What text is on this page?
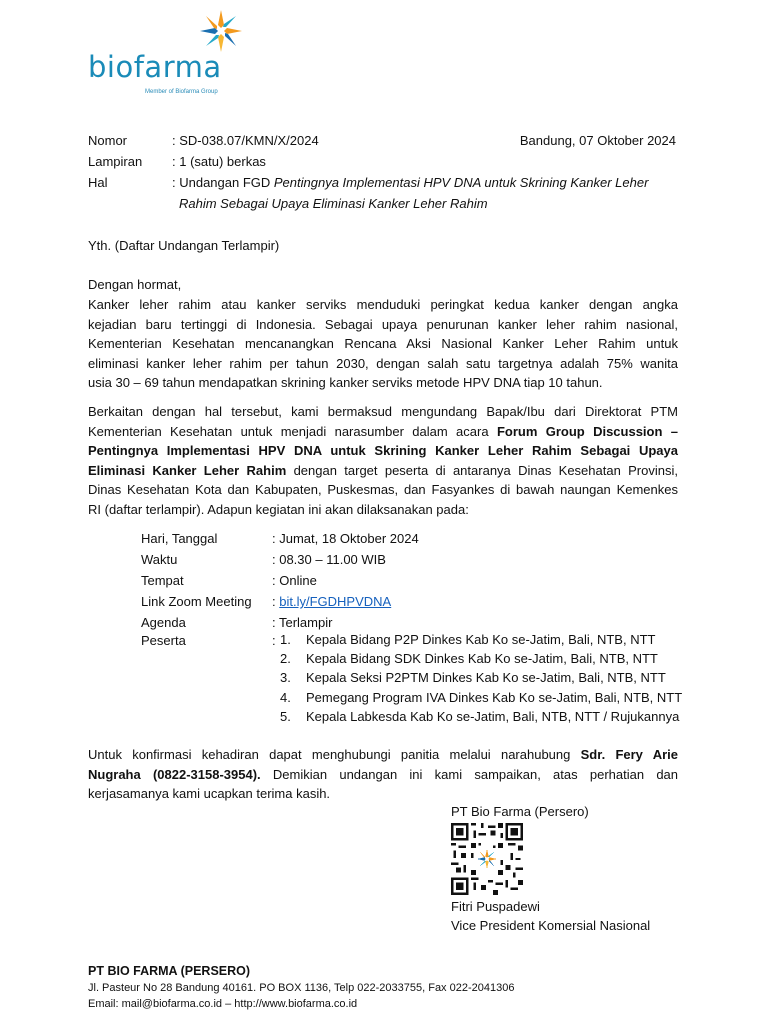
biofarma
Member of Biofarma Group
Nomor	: SD-038.07/KMN/X/2024	Bandung, 07 Oktober 2024
Lampiran	: 1 (satu) berkas
Hal	: Undangan FGD Pentingnya Implementasi HPV DNA untuk Skrining Kanker Leher
Rahim Sebagai Upaya Eliminasi Kanker Leher Rahim
Yth. (Daftar Undangan Terlampir)
Dengan hormat,
Kanker leher rahim atau kanker serviks menduduki peringkat kedua kanker dengan angka
kejadian baru tertinggi di Indonesia. Sebagai upaya penurunan kanker leher rahim nasional,
Kementerian Kesehatan mencanangkan Rencana Aksi Nasional Kanker Leher Rahim untuk
eliminasi kanker leher rahim per tahun 2030, dengan salah satu targetnya adalah 75% wanita
usia 30 – 69 tahun mendapatkan skrining kanker serviks metode HPV DNA tiap 10 tahun.
Berkaitan dengan hal tersebut, kami bermaksud mengundang Bapak/Ibu dari Direktorat PTM
Kementerian Kesehatan untuk menjadi narasumber dalam acara Forum Group Discussion –
Pentingnya Implementasi HPV DNA untuk Skrining Kanker Leher Rahim Sebagai Upaya
Eliminasi Kanker Leher Rahim dengan target peserta di antaranya Dinas Kesehatan Provinsi,
Dinas Kesehatan Kota dan Kabupaten, Puskesmas, dan Fasyankes di bawah naungan Kemenkes
RI (daftar terlampir). Adapun kegiatan ini akan dilaksanakan pada:
Hari, Tanggal	: Jumat, 18 Oktober 2024
Waktu	: 08.30 – 11.00 WIB
Tempat	: Online
Link Zoom Meeting : bit.ly/FGDHPVDNA
Agenda	: Terlampir
Peserta	: 1. Kepala Bidang P2P Dinkes Kab Ko se-Jatim, Bali, NTB, NTT
2. Kepala Bidang SDK Dinkes Kab Ko se-Jatim, Bali, NTB, NTT
3. Kepala Seksi P2PTM Dinkes Kab Ko se-Jatim, Bali, NTB, NTT
4. Pemegang Program IVA Dinkes Kab Ko se-Jatim, Bali, NTB, NTT
5. Kepala Labkesda Kab Ko se-Jatim, Bali, NTB, NTT / Rujukannya
Untuk konfirmasi kehadiran dapat menghubungi panitia melalui narahubung Sdr. Fery Arie
Nugraha (0822-3158-3954). Demikian undangan ini kami sampaikan, atas perhatian dan
kerjasamanya kami ucapkan terima kasih.
PT Bio Farma (Persero)
Fitri Puspadewi
Vice President Komersial Nasional
PT BIO FARMA (PERSERO)
Jl. Pasteur No 28 Bandung 40161. PO BOX 1136, Telp 022-2033755, Fax 022-2041306
Email: mail@biofarma.co.id – http://www.biofarma.co.id
